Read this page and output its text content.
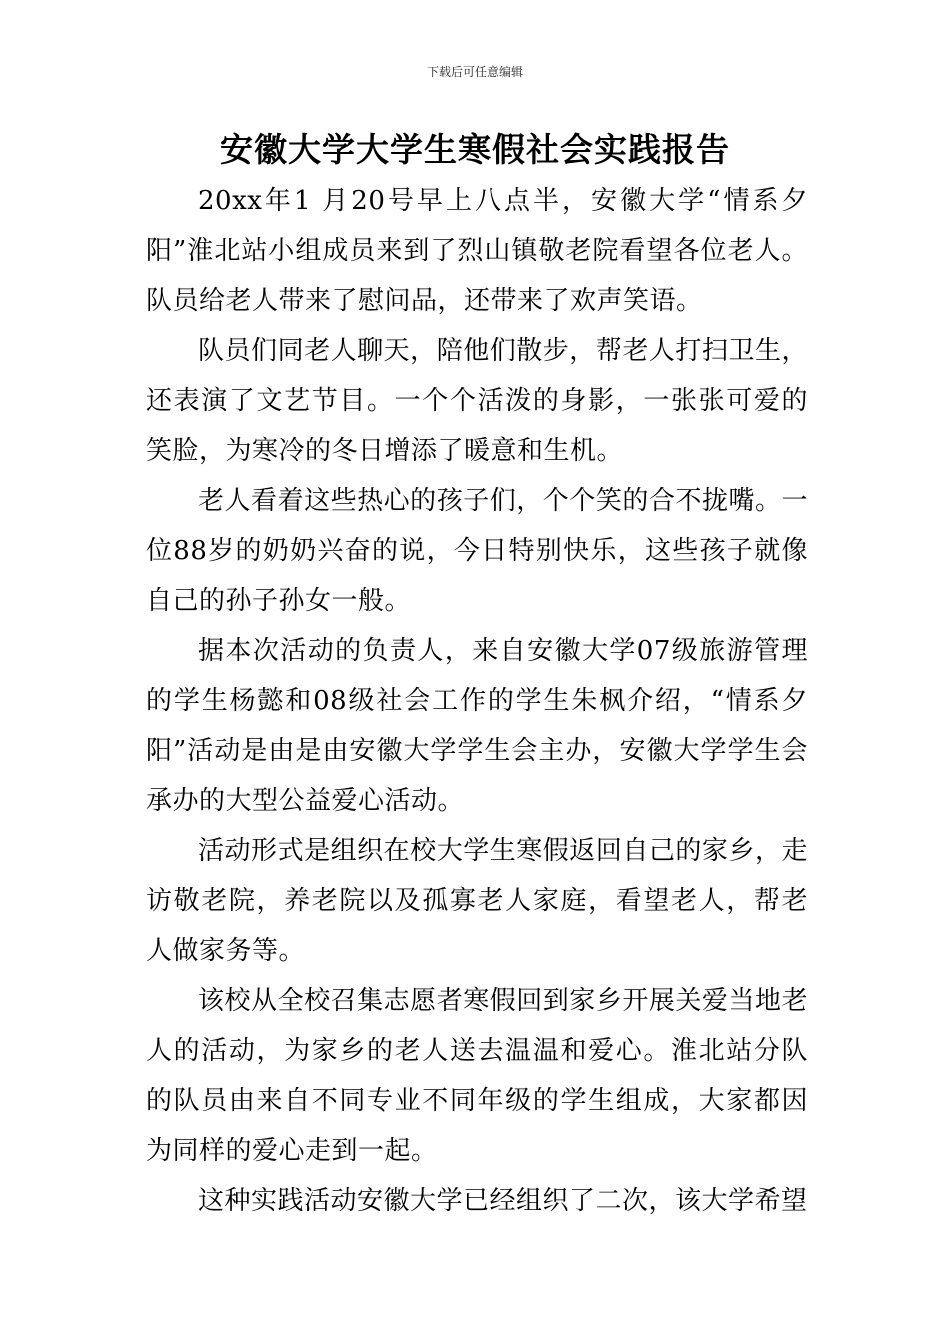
下载后可任意编辑
安徽大学大学生寒假社会实践报告

20xx年1 月20号早上八点半，安徽大学“情系夕阳”淮北站小组成员来到了烈山镇敬老院看望各位老人。队员给老人带来了慰问品，还带来了欢声笑语。

队员们同老人聊天，陪他们散步，帮老人打扫卫生，还表演了文艺节目。一个个活泼的身影，一张张可爱的笑脸，为寒冷的冬日增添了暖意和生机。

老人看着这些热心的孩子们，个个笑的合不拢嘴。一位88岁的奶奶兴奋的说，今日特别快乐，这些孩子就像自己的孙子孙女一般。

据本次活动的负责人，来自安徽大学07级旅游管理的学生杨懿和08级社会工作的学生朱枫介绍，“情系夕阳”活动是由是由安徽大学学生会主办，安徽大学学生会承办的大型公益爱心活动。

活动形式是组织在校大学生寒假返回自己的家乡，走访敬老院，养老院以及孤寡老人家庭，看望老人，帮老人做家务等。

该校从全校召集志愿者寒假回到家乡开展关爱当地老人的活动，为家乡的老人送去温温和爱心。淮北站分队的队员由来自不同专业不同年级的学生组成，大家都因为同样的爱心走到一起。

这种实践活动安徽大学已经组织了二次，该大学希望
